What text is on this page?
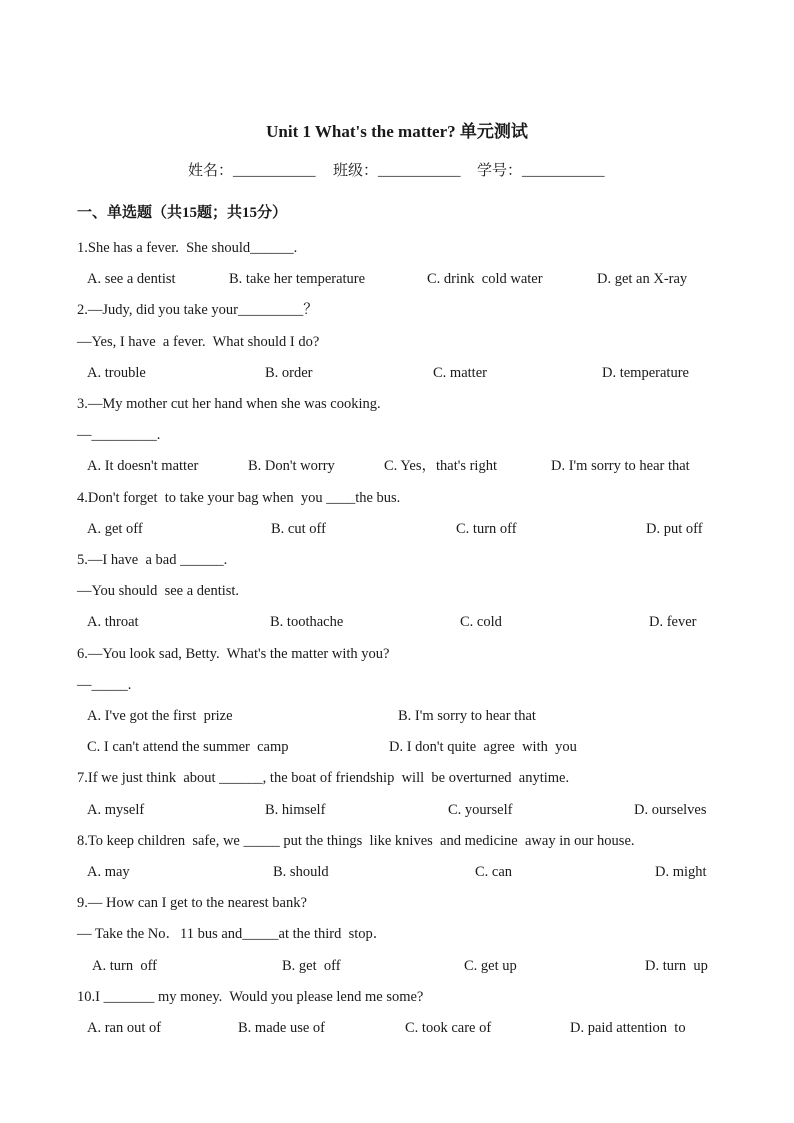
Unit 1 What's the matter? 单元测试
姓名：___________ 班级：___________ 学号：___________
一、单选题（共15题；共15分）
1.She has a fever.  She should______.
A. see a dentist	B. take her temperature	C. drink  cold water	D. get an X-ray
2.—Judy, did you take your_________？
—Yes, I have  a fever.  What should I do?
A. trouble	B. order	C. matter	D. temperature
3.—My mother cut her hand when she was cooking.
—_________.
A. It doesn't matter	B. Don't worry	C. Yes，that's right	D. I'm sorry to hear that
4.Don't forget  to take your bag when  you ____the bus.
A. get off	B. cut off	C. turn off	D. put off
5.—I have  a bad ______.
—You should  see a dentist.
A. throat	B. toothache	C. cold	D. fever
6.—You look sad, Betty.  What's the matter with you?
—_____.
A. I've got the first  prize	B. I'm sorry to hear that
C. I can't attend the summer  camp	D. I don't quite  agree  with  you
7.If we just think  about ______, the boat of friendship  will  be overturned  anytime.
A. myself	B. himself	C. yourself	D. ourselves
8.To keep children  safe, we _____ put the things  like knives  and medicine  away in our house.
A. may	B. should	C. can	D. might
9.— How can I get to the nearest bank?
— Take the No．11 bus and_____at the third  stop．
A. turn  off	B. get  off	C. get up	D. turn  up
10.I _______ my money.  Would you please lend me some?
A. ran out of	B. made use of	C. took care of	D. paid attention  to
